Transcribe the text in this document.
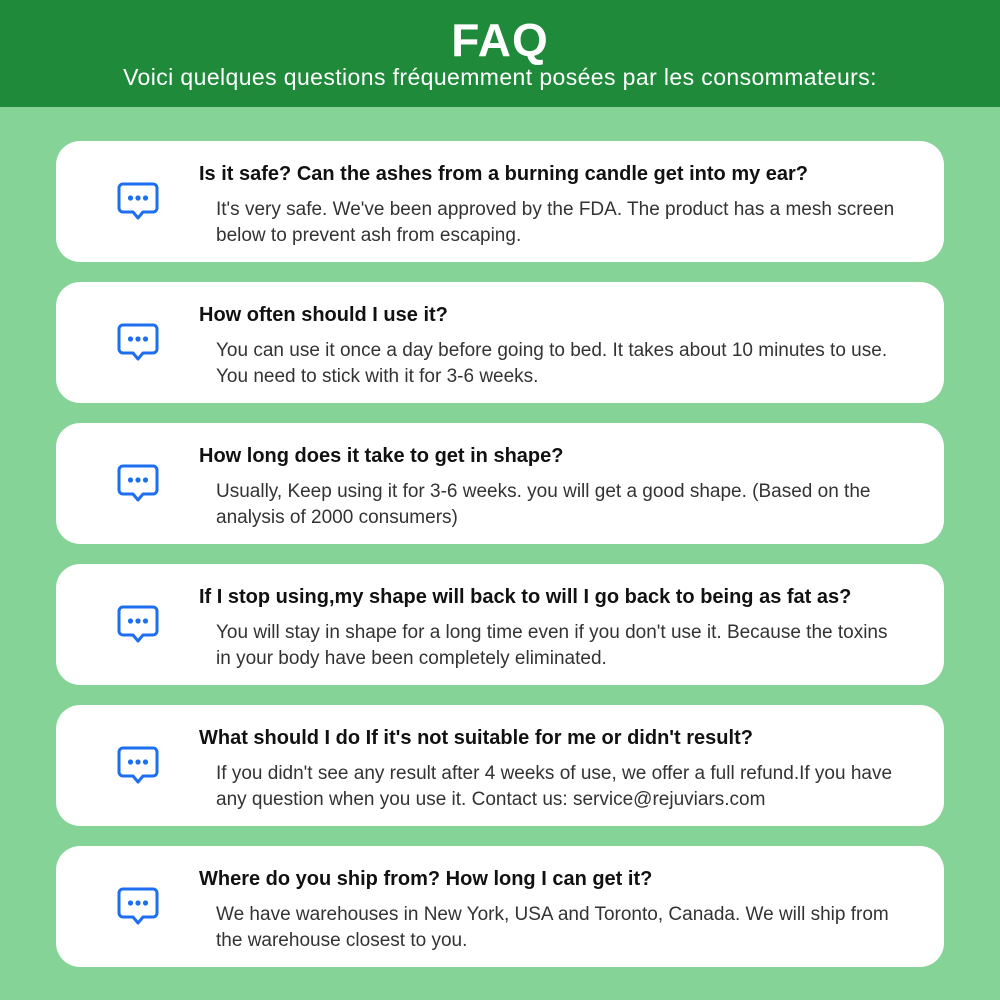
FAQ
Voici quelques questions fréquemment posées par les consommateurs:
Is it safe? Can the ashes from a burning candle get into my ear?
It's very safe. We've been approved by the FDA. The product has a mesh screen below to prevent ash from escaping.
How often should I use it?
You can use it once a day before going to bed. It takes about 10 minutes to use. You need to stick with it for 3-6 weeks.
How long does it take to get in shape?
Usually, Keep using it for 3-6 weeks. you will get a good shape. (Based on the analysis of 2000 consumers)
If I stop using,my shape will back to will I go back to being as fat as?
You will stay in shape for a long time even if you don't use it. Because the toxins in your body have been completely eliminated.
What should I do If it's not suitable for me or didn't result?
If you didn't see any result after 4 weeks of use, we offer a full refund.If you have any question when you use it. Contact us: service@rejuviars.com
Where do you ship from? How long I can get it?
We have warehouses in New York, USA and Toronto, Canada. We will ship from the warehouse closest to you.
